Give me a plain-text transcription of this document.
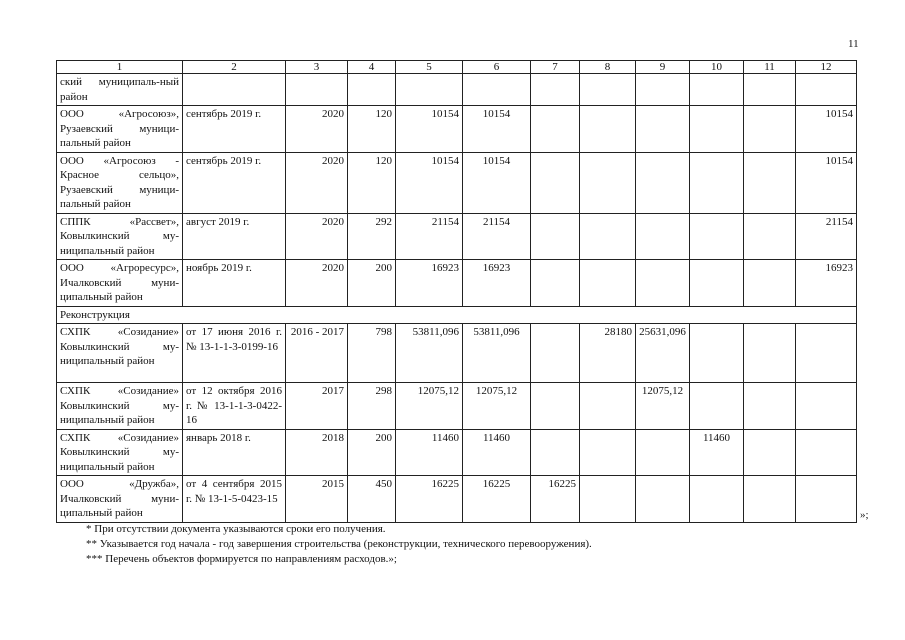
11
1	2	3	4	5	6	7	8	9	10	11	12
ский муниципаль-ный район											
ООО «Агросоюз», Рузаевский муници-пальный район	сентябрь 2019 г.	2020	120	10154	10154						10154
ООО «Агросоюз - Красное сельцо», Рузаевский муници-пальный район	сентябрь 2019 г.	2020	120	10154	10154						10154
СППК «Рассвет», Ковылкинский му-ниципальный район	август 2019 г.	2020	292	21154	21154						21154
ООО «Агроресурс», Ичалковский муни-ципальный район	ноябрь 2019 г.	2020	200	16923	16923						16923
Реконструкция											
СХПК «Созидание» Ковылкинский му-ниципальный район	от 17 июня 2016 г. № 13-1-1-3-0199-16	2016 - 2017	798	53811,096	53811,096		28180	25631,096			
СХПК «Созидание» Ковылкинский му-ниципальный район	от 12 октября 2016 г. № 13-1-1-3-0422-16	2017	298	12075,12	12075,12			12075,12			
СХПК «Созидание» Ковылкинский му-ниципальный район	январь 2018 г.	2018	200	11460	11460				11460		
ООО «Дружба», Ичалковский муни-ципальный район	от 4 сентября 2015 г. № 13-1-5-0423-15	2015	450	16225	16225	16225					
»;
* При отсутствии документа указываются сроки его получения.
** Указывается год начала - год завершения строительства (реконструкции, технического перевооружения).
*** Перечень объектов формируется по направлениям расходов.»;
